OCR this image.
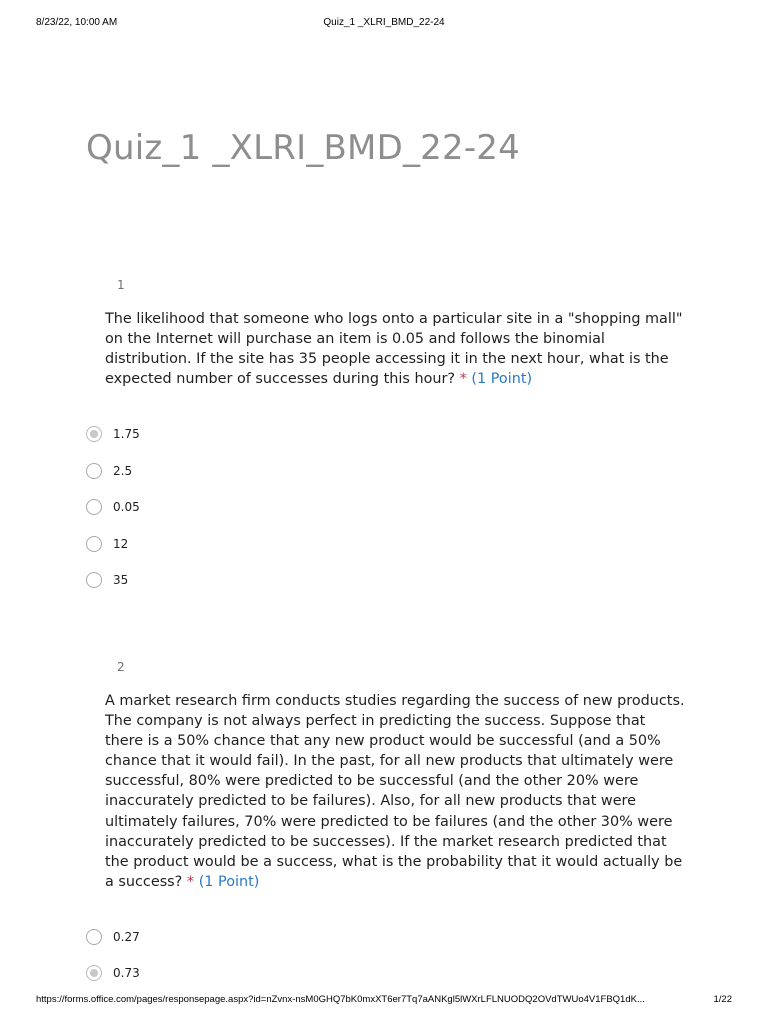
8/23/22, 10:00 AM	Quiz_1 _XLRI_BMD_22-24
Quiz_1 _XLRI_BMD_22-24
1

The likelihood that someone who logs onto a particular site in a "shopping mall" on the Internet will purchase an item is 0.05 and follows the binomial distribution. If the site has 35 people accessing it in the next hour, what is the expected number of successes during this hour? * (1 Point)

1.75
2.5
0.05
12
35
2

A market research firm conducts studies regarding the success of new products. The company is not always perfect in predicting the success. Suppose that there is a 50% chance that any new product would be successful (and a 50% chance that it would fail). In the past, for all new products that ultimately were successful, 80% were predicted to be successful (and the other 20% were inaccurately predicted to be failures). Also, for all new products that were ultimately failures, 70% were predicted to be failures (and the other 30% were inaccurately predicted to be successes). If the market research predicted that the product would be a success, what is the probability that it would actually be a success? * (1 Point)

0.27
0.73
https://forms.office.com/pages/responsepage.aspx?id=nZvnx-nsM0GHQ7bK0mxXT6er7Tq7aANKgl5lWXrLFLNUODQ2OVdTWUo4V1FBQ1dK...	1/22
